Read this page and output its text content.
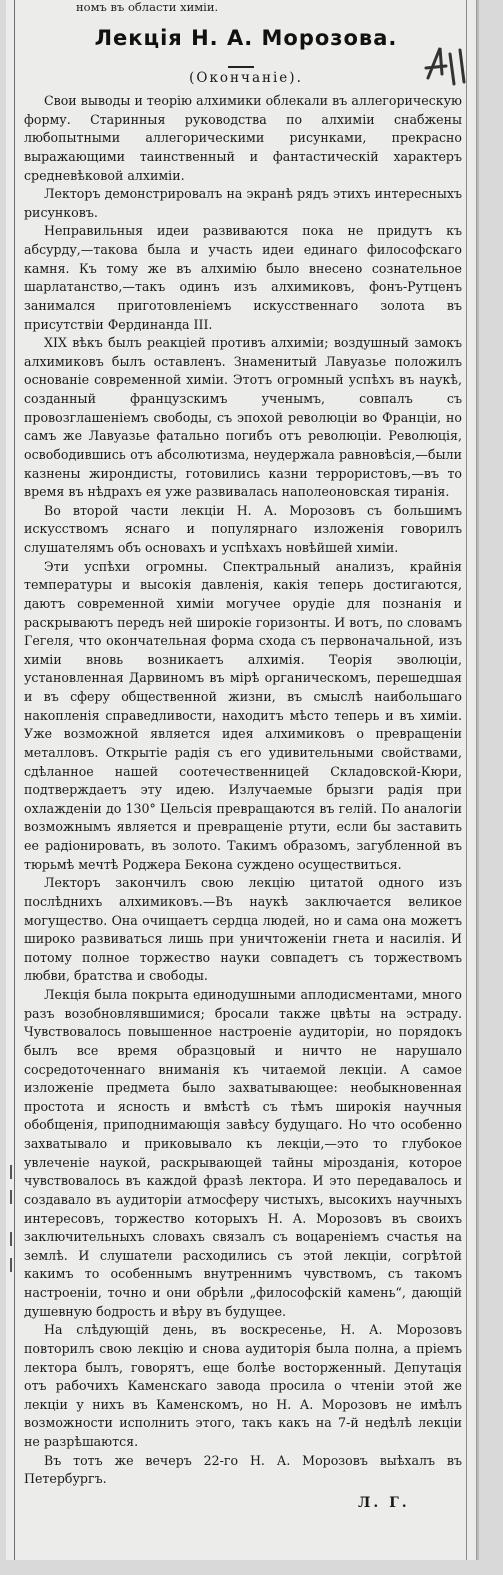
номъ въ области химіи.
Лекція Н. А. Морозова.
(Окончаніе).

Свои выводы и теорію алхимики облекали въ аллегорическую форму. Старинныя руководства по алхиміи снабжены любопытными аллегорическими рисунками, прекрасно выражающими таинственный и фантастическій характеръ средневѣковой алхиміи.

Лекторъ демонстрировалъ на экранѣ рядъ этихъ интересныхъ рисунковъ.

Неправильныя идеи развиваются пока не придутъ къ абсурду,—такова была и участь идеи единаго философскаго камня. Къ тому же въ алхимію было внесено сознательное шарлатанство,—такъ одинъ изъ алхимиковъ, фонъ-Рутценъ занимался приготовленіемъ искусственнаго золота въ присутствіи Фердинанда III.

XIX вѣкъ былъ реакціей противъ алхиміи; воздушный замокъ алхимиковъ былъ оставленъ. Знаменитый Лавуазье положилъ основаніе современной химіи. Этотъ огромный успѣхъ въ наукѣ, созданный французскимъ ученымъ, совпалъ съ провозглашеніемъ свободы, съ эпохой революціи во Франціи, но самъ же Лавуазье фатально погибъ отъ революціи. Революція, освободившись отъ абсолютизма, неудержала равновѣсія,—были казнены жирондисты, готовились казни террористовъ,—въ то время въ нѣдрахъ ея уже развивалась наполеоновская тиранія.

Во второй части лекціи Н. А. Морозовъ съ большимъ искусствомъ яснаго и популярнаго изложенія говорилъ слушателямъ объ основахъ и успѣхахъ новѣйшей химіи.

Эти успѣхи огромны. Спектральный анализъ, крайнія температуры и высокія давленія, какія теперь достигаются, даютъ современной химіи могучее орудіе для познанія и раскрываютъ передъ ней широкіе горизонты. И вотъ, по словамъ Гегеля, что окончательная форма схода съ первоначальной, изъ химіи вновь возникаетъ алхимія. Теорія эволюціи, установленная Дарвиномъ въ мірѣ органическомъ, перешедшая и въ сферу общественной жизни, въ смыслѣ наибольшаго накопленія справедливости, находитъ мѣсто теперь и въ химіи. Уже возможной является идея алхимиковъ о превращеніи металловъ. Открытіе радія съ его удивительными свойствами, сдѣланное нашей соотечественницей Складовской-Кюри, подтверждаетъ эту идею. Излучаемые брызги радія при охлажденіи до 130° Цельсія превращаются въ гелій. По аналогіи возможнымъ является и превращеніе ртути, если бы заставить ее радіонировать, въ золото. Такимъ образомъ, загубленной въ тюрьмѣ мечтѣ Роджера Бекона суждено осуществиться.

Лекторъ закончилъ свою лекцію цитатой одного изъ послѣднихъ алхимиковъ.—Въ наукѣ заключается великое могущество. Она очищаетъ сердца людей, но и сама она можетъ широко развиваться лишь при уничтоженіи гнета и насилія. И потому полное торжество науки совпадетъ съ торжествомъ любви, братства и свободы.

Лекція была покрыта единодушными аплодисментами, много разъ возобновлявшимися; бросали также цвѣты на эстраду. Чувствовалось повышенное настроеніе аудиторіи, но порядокъ былъ все время образцовый и ничто не нарушало сосредоточеннаго вниманія къ читаемой лекціи. А самое изложеніе предмета было захватывающее: необыкновенная простота и ясность и вмѣстѣ съ тѣмъ широкія научныя обобщенія, приподнимающія завѣсу будущаго. Но что особенно захватывало и приковывало къ лекціи,—это то глубокое увлеченіе наукой, раскрывающей тайны мірозданія, которое чувствовалось въ каждой фразѣ лектора. И это передавалось и создавало въ аудиторіи атмосферу чистыхъ, высокихъ научныхъ интересовъ, торжество которыхъ Н. А. Морозовъ въ своихъ заключительныхъ словахъ связалъ съ воцареніемъ счастья на землѣ. И слушатели расходились съ этой лекціи, согрѣтой какимъ то особеннымъ внутреннимъ чувствомъ, съ такомъ настроеніи, точно и они обрѣли „философскій камень“, дающій душевную бодрость и вѣру въ будущее.

На слѣдующій день, въ воскресенье, Н. А. Морозовъ повторилъ свою лекцію и снова аудиторія была полна, а пріемъ лектора былъ, говорятъ, еще болѣе восторженный. Депутація отъ рабочихъ Каменскаго завода просила о чтеніи этой же лекціи у нихъ въ Каменскомъ, но Н. А. Морозовъ не имѣлъ возможности исполнить этого, такъ какъ на 7-й недѣлѣ лекціи не разрѣшаются.

Въ тотъ же вечеръ 22-го Н. А. Морозовъ выѣхалъ въ Петербургъ.

Л. Г.
